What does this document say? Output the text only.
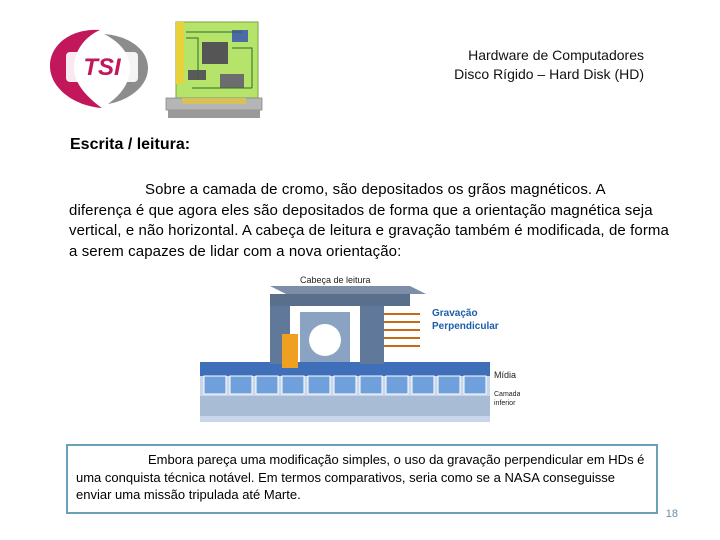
TSI	Hardware de Computadores
Disco Rígido – Hard Disk (HD)
Escrita / leitura:
Sobre a camada de cromo, são depositados os grãos magnéticos. A diferença é que agora eles são depositados de forma que a orientação magnética seja vertical, e não horizontal. A cabeça de leitura e gravação também é modificada, de forma a serem capazes de lidar com a nova orientação:
Cabeça de leitura
Gravação
Perpendicular
Mídia
Camada
inferior

Embora pareça uma modificação simples, o uso da gravação perpendicular em HDs é uma conquista técnica notável. Em termos comparativos, seria como se a NASA conseguisse enviar uma missão tripulada até Marte.

18
